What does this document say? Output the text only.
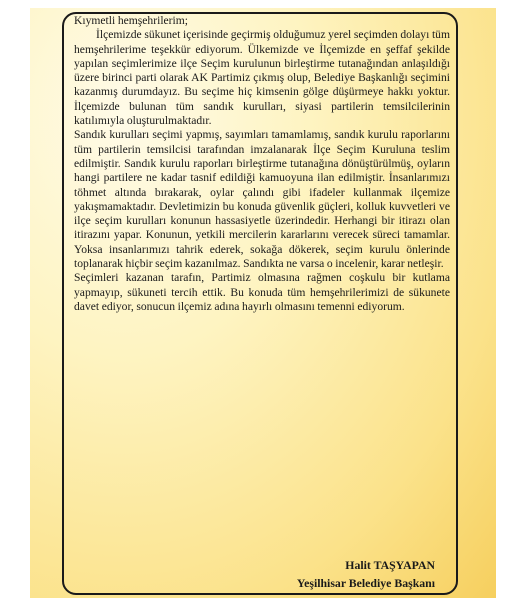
Kıymetli hemşehrilerim;

İlçemizde sükunet içerisinde geçirmiş olduğumuz yerel seçimden dolayı tüm hemşehrilerime teşekkür ediyorum. Ülkemizde ve İlçemizde en şeffaf şekilde yapılan seçimlerimize ilçe Seçim kurulunun birleştirme tutanağından anlaşıldığı üzere birinci parti olarak AK Partimiz çıkmış olup, Belediye Başkanlığı seçimini kazanmış durumdayız. Bu seçime hiç kimsenin gölge düşürmeye hakkı yoktur. İlçemizde bulunan tüm sandık kurulları, siyasi partilerin temsilcilerinin katılımıyla oluşturulmaktadır.

Sandık kurulları seçimi yapmış, sayımları tamamlamış, sandık kurulu raporlarını tüm partilerin temsilcisi tarafından imzalanarak İlçe Seçim Kuruluna teslim edilmiştir. Sandık kurulu raporları birleştirme tutanağına dönüştürülmüş, oyların hangi partilere ne kadar tasnif edildiği kamuoyuna ilan edilmiştir. İnsanlarımızı töhmet altında bırakarak, oylar çalındı gibi ifadeler kullanmak ilçemize yakışmamaktadır. Devletimizin bu konuda güvenlik güçleri, kolluk kuvvetleri ve ilçe seçim kurulları konunun hassasiyetle üzerindedir. Herhangi bir itirazı olan itirazını yapar. Konunun, yetkili mercilerin kararlarını verecek süreci tamamlar. Yoksa insanlarımızı tahrik ederek, sokağa dökerek, seçim kurulu önlerinde toplanarak hiçbir seçim kazanılmaz. Sandıkta ne varsa o incelenir, karar netleşir.

Seçimleri kazanan tarafın, Partimiz olmasına rağmen coşkulu bir kutlama yapmayıp, sükuneti tercih ettik. Bu konuda tüm hemşehrilerimizi de sükunete davet ediyor, sonucun ilçemiz adına hayırlı olmasını temenni ediyorum.

Halit TAŞYAPAN
Yeşilhisar Belediye Başkanı
